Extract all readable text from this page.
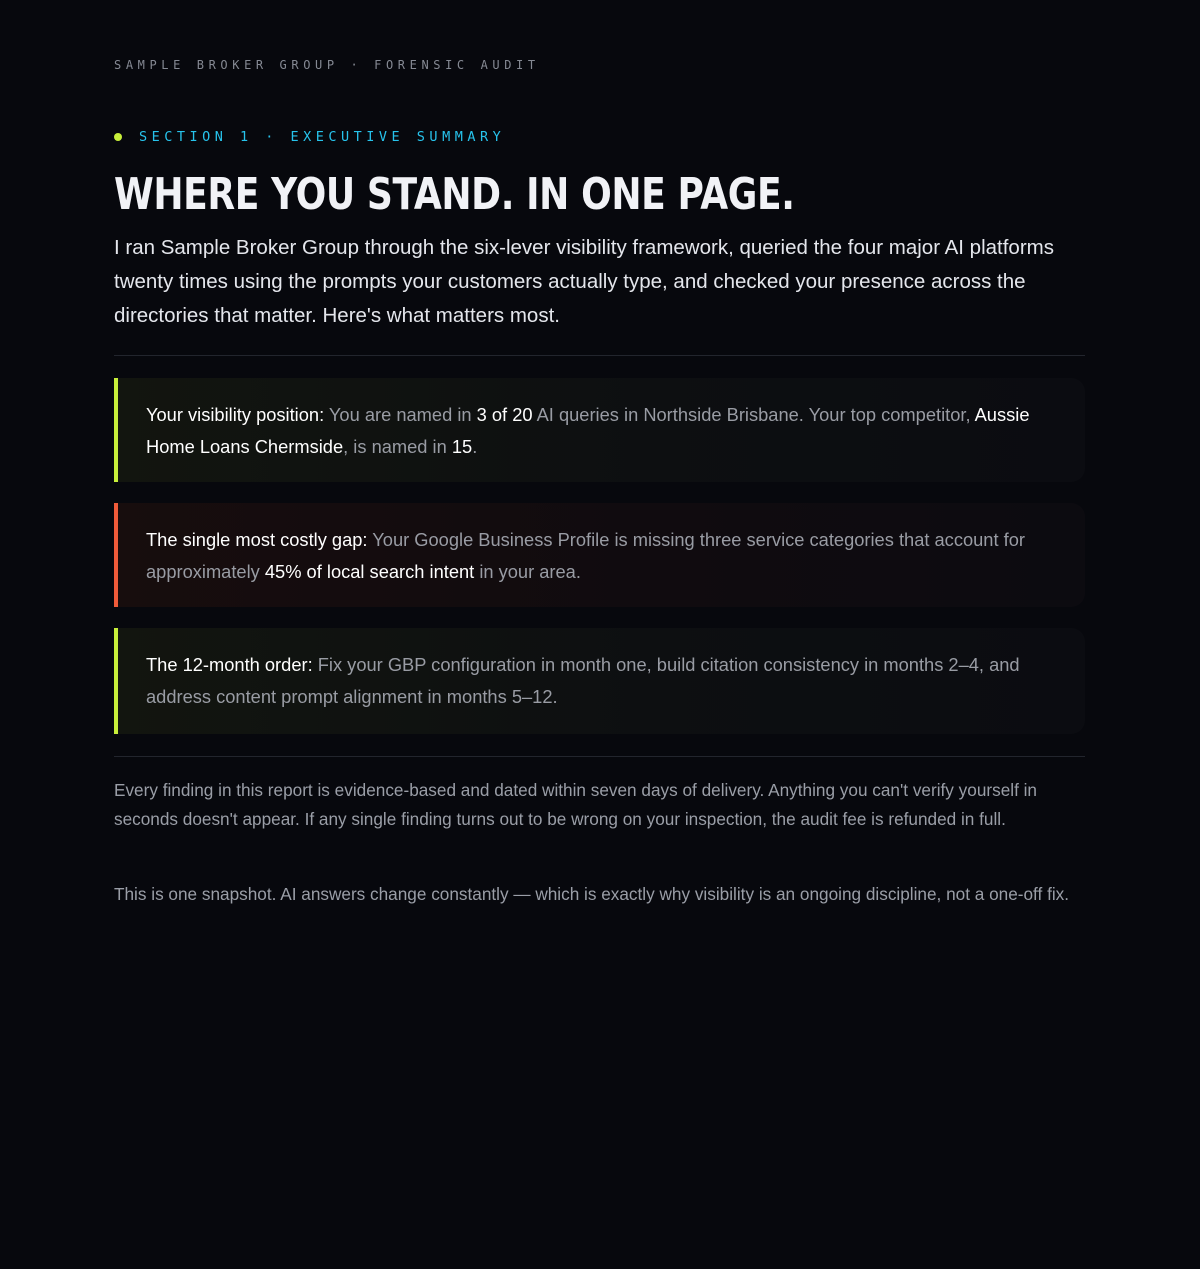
SAMPLE BROKER GROUP · FORENSIC AUDIT
SECTION 1 · EXECUTIVE SUMMARY
WHERE YOU STAND. IN ONE PAGE.

I ran Sample Broker Group through the six-lever visibility framework, queried the four major AI platforms twenty times using the prompts your customers actually type, and checked your presence across the directories that matter. Here's what matters most.

Your visibility position: You are named in 3 of 20 AI queries in Northside Brisbane. Your top competitor, Aussie Home Loans Chermside, is named in 15.
The single most costly gap: Your Google Business Profile is missing three service categories that account for approximately 45% of local search intent in your area.
The 12-month order: Fix your GBP configuration in month one, build citation consistency in months 2–4, and address content prompt alignment in months 5–12.

Every finding in this report is evidence-based and dated within seven days of delivery. Anything you can't verify yourself in seconds doesn't appear. If any single finding turns out to be wrong on your inspection, the audit fee is refunded in full.

This is one snapshot. AI answers change constantly — which is exactly why visibility is an ongoing discipline, not a one-off fix.
